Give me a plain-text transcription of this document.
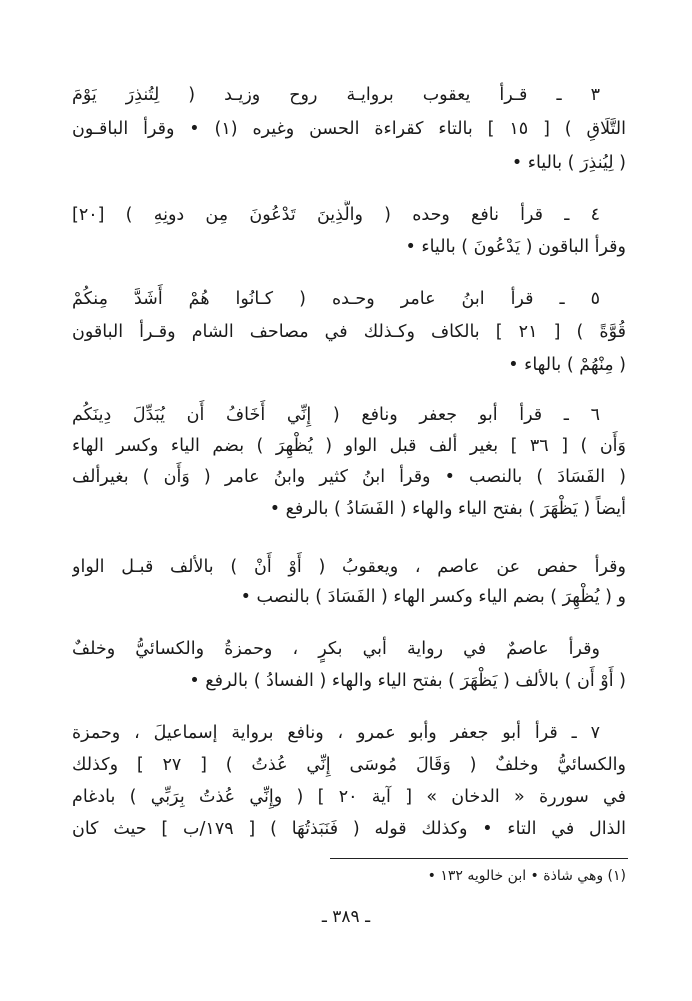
٣ ـ قـرأ يعقوب بروايـة روح وزيـد ( لِتُنذِرَ يَوْمَ
التَّلَاقِ ) [ ١٥ ] بالتاء كقراءة الحسن وغيره (١) • وقرأ الباقـون
( لِيُنذِرَ ) بالياء •
٤ ـ قرأ نافع وحده ( والَّذِينَ تَدْعُونَ مِن دونِهِ ) [٢٠]
وقرأ الباقون ( يَدْعُونَ ) بالياء •
٥ ـ قرأ ابنُ عامر وحـده ( كـانُوا هُمْ أَشَدَّ مِنكُمْ
قُوَّةً ) [ ٢١ ] بالكاف وكـذلك في مصاحف الشام وقـرأ الباقون
( مِنْهُمْ ) بالهاء •
٦ ـ قرأ أبو جعفر ونافع ( إِنِّي أَخَافُ أَن يُبَدِّلَ دِينَكُم
وَأَن ) [ ٣٦ ] بغير ألف قبل الواو ( يُظْهِرَ ) بضم الياء وكسر الهاء
( الفَسَادَ ) بالنصب • وقرأ ابنُ كثير وابنُ عامر ( وَأَن ) بغيرألف
أيضاً ( يَظْهَرَ ) بفتح الياء والهاء ( الفَسَادُ ) بالرفع •
وقرأ حفص عن عاصم ، ويعقوبُ ( أَوْ أَنْ ) بالألف قبـل الواو
و ( يُظْهِرَ ) بضم الياء وكسر الهاء ( الفَسَادَ ) بالنصب •
وقرأ عاصمٌ في رواية أبي بكرٍ ، وحمزةُ والكسائيُّ وخلفٌ
( أَوْ أَن ) بالألف ( يَظْهَرَ ) بفتح الياء والهاء ( الفسادُ ) بالرفع •
٧ ـ قرأ أبو جعفر وأبو عمرو ، ونافع برواية إسماعيلَ ، وحمزة
والكسائيُّ وخلفٌ ( وَقَالَ مُوسَى إِنِّي عُذتُ ) [ ٢٧ ] وكذلك
في سوررة « الدخان » [ آية ٢٠ ] ( وإِنِّي عُذتُ بِرَبِّي ) بادغام
الذال في التاء • وكذلك قوله ( فَنَبَذتُهَا ) [ ١٧٩/ب ] حيث كان
(١) وهي شاذة • ابن خالويه ١٣٢ •
ـ ٣٨٩ ـ
